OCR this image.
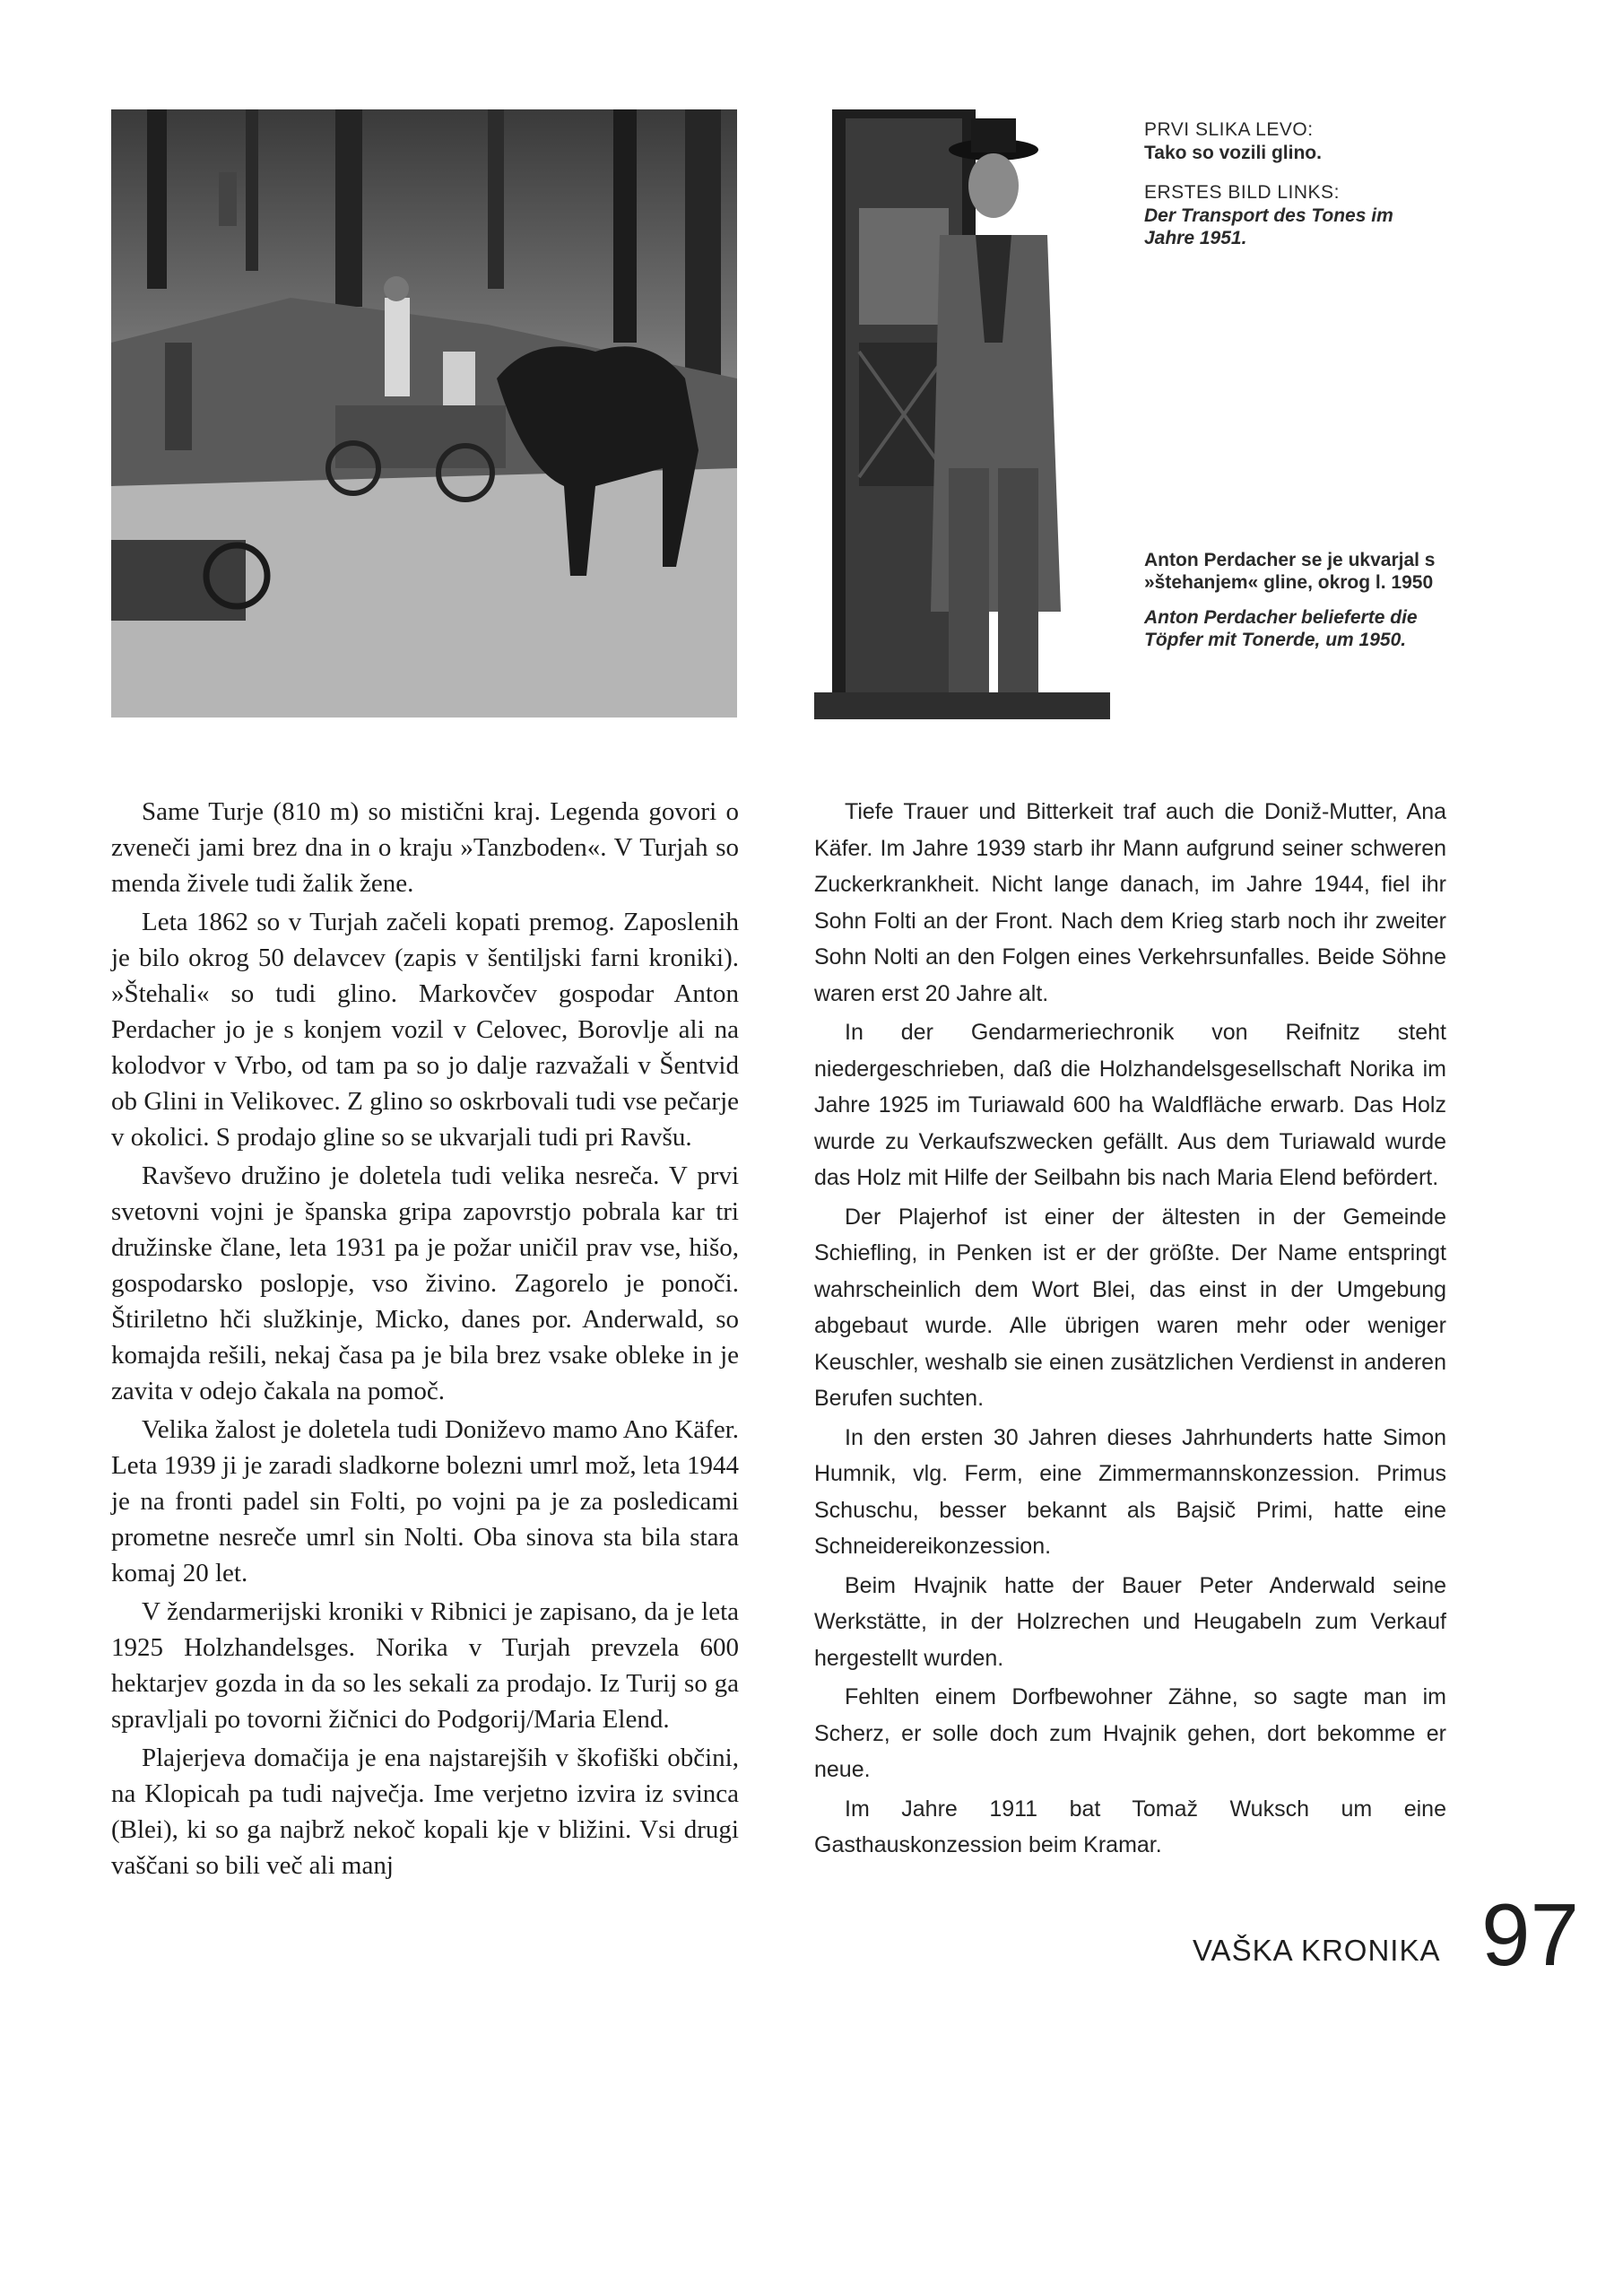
PRVI SLIKA LEVO:

Tako so vozili glino.

ERSTES BILD LINKS:

Der Transport des Tones im Jahre 1951.

Anton Perdacher se je ukvarjal s »štehanjem« gline, okrog l. 1950

Anton Perdacher belieferte die Töpfer mit Tonerde, um 1950.

Same Turje (810 m) so mistični kraj. Legenda govori o zveneči jami brez dna in o kraju »Tanzboden«. V Turjah so menda živele tudi žalik žene.

Leta 1862 so v Turjah začeli kopati premog. Zaposlenih je bilo okrog 50 delavcev (zapis v šentiljski farni kroniki). »Štehali« so tudi glino. Markovčev gospodar Anton Perdacher jo je s konjem vozil v Celovec, Borovlje ali na kolodvor v Vrbo, od tam pa so jo dalje razvažali v Šentvid ob Glini in Velikovec. Z glino so oskrbovali tudi vse pečarje v okolici. S prodajo gline so se ukvarjali tudi pri Ravšu.

Ravševo družino je doletela tudi velika nesreča. V prvi svetovni vojni je španska gripa zapovrstjo pobrala kar tri družinske člane, leta 1931 pa je požar uničil prav vse, hišo, gospodarsko poslopje, vso živino. Zagorelo je ponoči. Štiriletno hči služkinje, Micko, danes por. Anderwald, so komajda rešili, nekaj časa pa je bila brez vsake obleke in je zavita v odejo čakala na pomoč.

Velika žalost je doletela tudi Doniževo mamo Ano Käfer. Leta 1939 ji je zaradi sladkorne bolezni umrl mož, leta 1944 je na fronti padel sin Folti, po vojni pa je za posledicami prometne nesreče umrl sin Nolti. Oba sinova sta bila stara komaj 20 let.

V žendarmerijski kroniki v Ribnici je zapisano, da je leta 1925 Holzhandelsges. Norika v Turjah prevzela 600 hektarjev gozda in da so les sekali za prodajo. Iz Turij so ga spravljali po tovorni žičnici do Podgorij/Maria Elend.

Plajerjeva domačija je ena najstarejših v škofiški občini, na Klopicah pa tudi največja. Ime verjetno izvira iz svinca (Blei), ki so ga najbrž nekoč kopali kje v bližini. Vsi drugi vaščani so bili več ali manj

Tiefe Trauer und Bitterkeit traf auch die Doniž-Mutter, Ana Käfer. Im Jahre 1939 starb ihr Mann aufgrund seiner schweren Zuckerkrankheit. Nicht lange danach, im Jahre 1944, fiel ihr Sohn Folti an der Front. Nach dem Krieg starb noch ihr zweiter Sohn Nolti an den Folgen eines Verkehrsunfalles. Beide Söhne waren erst 20 Jahre alt.

In der Gendarmeriechronik von Reifnitz steht niedergeschrieben, daß die Holzhandelsgesellschaft Norika im Jahre 1925 im Turiawald 600 ha Waldfläche erwarb. Das Holz wurde zu Verkaufszwecken gefällt. Aus dem Turiawald wurde das Holz mit Hilfe der Seilbahn bis nach Maria Elend befördert.

Der Plajerhof ist einer der ältesten in der Gemeinde Schiefling, in Penken ist er der größte. Der Name entspringt wahrscheinlich dem Wort Blei, das einst in der Umgebung abgebaut wurde. Alle übrigen waren mehr oder weniger Keuschler, weshalb sie einen zusätzlichen Verdienst in anderen Berufen suchten.

In den ersten 30 Jahren dieses Jahrhunderts hatte Simon Humnik, vlg. Ferm, eine Zimmermannskonzession. Primus Schuschu, besser bekannt als Bajsič Primi, hatte eine Schneidereikonzession.

Beim Hvajnik hatte der Bauer Peter Anderwald seine Werkstätte, in der Holzrechen und Heugabeln zum Verkauf hergestellt wurden.

Fehlten einem Dorfbewohner Zähne, so sagte man im Scherz, er solle doch zum Hvajnik gehen, dort bekomme er neue.

Im Jahre 1911 bat Tomaž Wuksch um eine Gasthauskonzession beim Kramar.

VAŠKA KRONIKA 97
